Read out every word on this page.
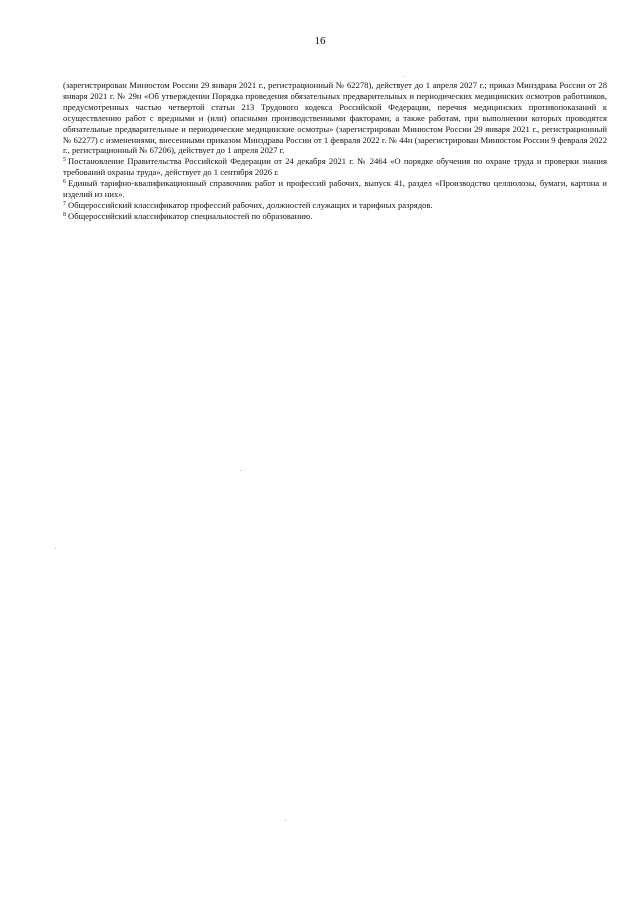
16

(зарегистрирован Минюстом России 29 января 2021 г., регистрационный № 62278), действует до 1 апреля 2027 г.; приказ Минздрава России от 28 января 2021 г. № 29н «Об утверждении Порядка проведения обязательных предварительных и периодических медицинских осмотров работников, предусмотренных частью четвертой статьи 213 Трудового кодекса Российской Федерации, перечня медицинских противопоказаний к осуществлению работ с вредными и (или) опасными производственными факторами, а также работам, при выполнении которых проводятся обязательные предварительные и периодические медицинские осмотры» (зарегистрирован Минюстом России 29 января 2021 г., регистрационный № 62277) с изменениями, внесенными приказом Минздрава России от 1 февраля 2022 г. № 44н (зарегистрирован Минюстом России 9 февраля 2022 г., регистрационный № 67206), действует до 1 апреля 2027 г.

$^5$ Постановление Правительства Российской Федерации от 24 декабря 2021 г. № 2464 «О порядке обучения по охране труда и проверки знания требований охраны труда», действует до 1 сентября 2026 г.

$^6$ Единый тарифно-квалификационный справочник работ и профессий рабочих, выпуск 41, раздел «Производство целлюлозы, бумаги, картона и изделий из них».

$^7$ Общероссийский классификатор профессий рабочих, должностей служащих и тарифных разрядов.

$^8$ Общероссийский классификатор специальностей по образованию.
